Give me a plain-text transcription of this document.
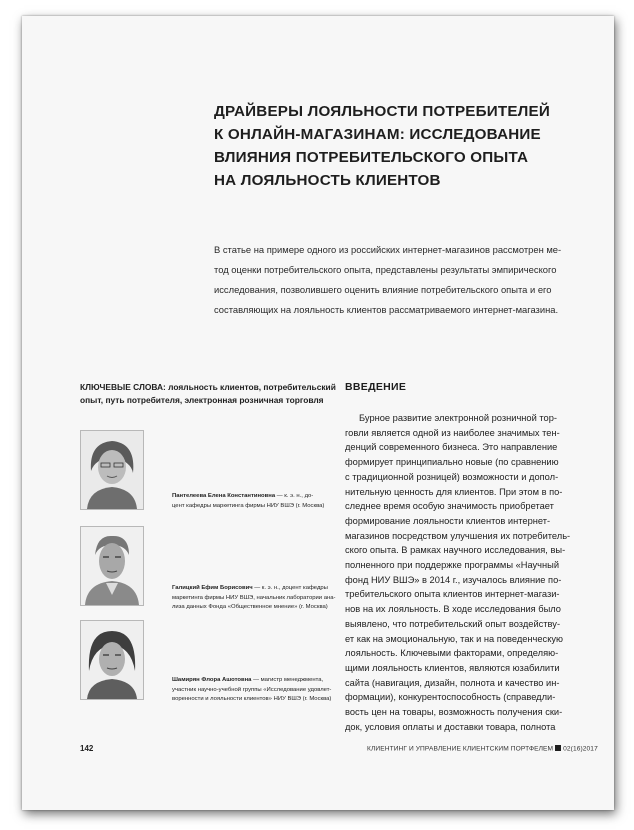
ДРАЙВЕРЫ ЛОЯЛЬНОСТИ ПОТРЕБИТЕЛЕЙ
К ОНЛАЙН-МАГАЗИНАМ: ИССЛЕДОВАНИЕ
ВЛИЯНИЯ ПОТРЕБИТЕЛЬСКОГО ОПЫТА
НА ЛОЯЛЬНОСТЬ КЛИЕНТОВ

В статье на примере одного из российских интернет-магазинов рассмотрен ме-
тод оценки потребительского опыта, представлены результаты эмпирического
исследования, позволившего оценить влияние потребительского опыта и его
составляющих на лояльность клиентов рассматриваемого интернет-магазина.

КЛЮЧЕВЫЕ СЛОВА: лояльность клиентов, потребительский
опыт, путь потребителя, электронная розничная торговля

Пантелеева Елена Константиновна — к. э. н., до-
цент кафедры маркетинга фирмы НИУ ВШЭ (г. Москва)

Галицкий Ефим Борисович — к. э. н., доцент кафедры
маркетинга фирмы НИУ ВШЭ, начальник лаборатории ана-
лиза данных Фонда «Общественное мнение» (г. Москва)

Шамирян Флора Ашотовна — магистр менеджмента,
участник научно-учебной группы «Исследование удовлет-
воренности и лояльности клиентов» НИУ ВШЭ (г. Москва)

ВВЕДЕНИЕ

Бурное развитие электронной розничной тор-
говли является одной из наиболее значимых тен-
денций современного бизнеса. Это направление
формирует принципиально новые (по сравнению
с традиционной розницей) возможности и допол-
нительную ценность для клиентов. При этом в по-
следнее время особую значимость приобретает
формирование лояльности клиентов интернет-
магазинов посредством улучшения их потребитель-
ского опыта. В рамках научного исследования, вы-
полненного при поддержке программы «Научный
фонд НИУ ВШЭ» в 2014 г., изучалось влияние по-
требительского опыта клиентов интернет-магази-
нов на их лояльность. В ходе исследования было
выявлено, что потребительский опыт воздейству-
ет как на эмоциональную, так и на поведенческую
лояльность. Ключевыми факторами, определяю-
щими лояльность клиентов, являются юзабилити
сайта (навигация, дизайн, полнота и качество ин-
формации), конкурентоспособность (справедли-
вость цен на товары, возможность получения ски-
док, условия оплаты и доставки товара, полнота

142	КЛИЕНТИНГ И УПРАВЛЕНИЕ КЛИЕНТСКИМ ПОРТФЕЛЕМ 02(16)2017
